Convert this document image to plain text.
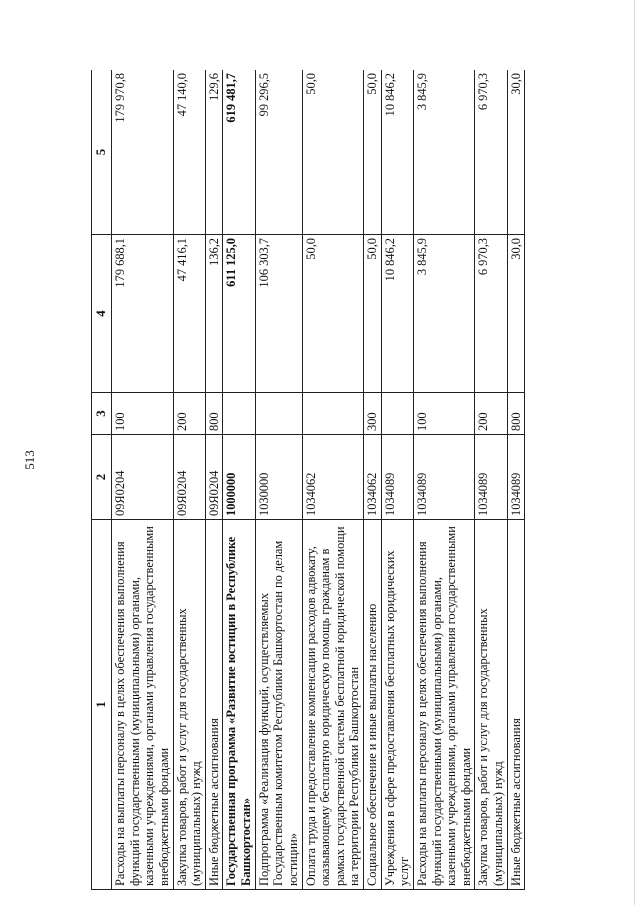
513
1	2	3	4	5
Расходы на выплаты персоналу в целях обеспечения выполнения функций государственными (муниципальными) органами, казенными учреждениями, органами управления государственными внебюджетными фондами	09Я0204	100	179 688,1	179 970,8
Закупка товаров, работ и услуг для государственных (муниципальных) нужд	09Я0204	200	47 416,1	47 140,0
Иные бюджетные ассигнования	09Я0204	800	136,2	129,6
Государственная программа «Развитие юстиции в Республике Башкортостан»	1000000		611 125,0	619 481,7
Подпрограмма «Реализация функций, осуществляемых Государственным комитетом Республики Башкортостан по делам юстиции»	1030000		106 303,7	99 296,5
Оплата труда и предоставление компенсации расходов адвокату, оказывающему бесплатную юридическую помощь гражданам в рамках государственной системы бесплатной юридической помощи на территории Республики Башкортостан	1034062		50,0	50,0
Социальное обеспечение и иные выплаты населению	1034062	300	50,0	50,0
Учреждения в сфере предоставления бесплатных юридических услуг	1034089		10 846,2	10 846,2
Расходы на выплаты персоналу в целях обеспечения выполнения функций государственными (муниципальными) органами, казенными учреждениями, органами управления государственными внебюджетными фондами	1034089	100	3 845,9	3 845,9
Закупка товаров, работ и услуг для государственных (муниципальных) нужд	1034089	200	6 970,3	6 970,3
Иные бюджетные ассигнования	1034089	800	30,0	30,0
